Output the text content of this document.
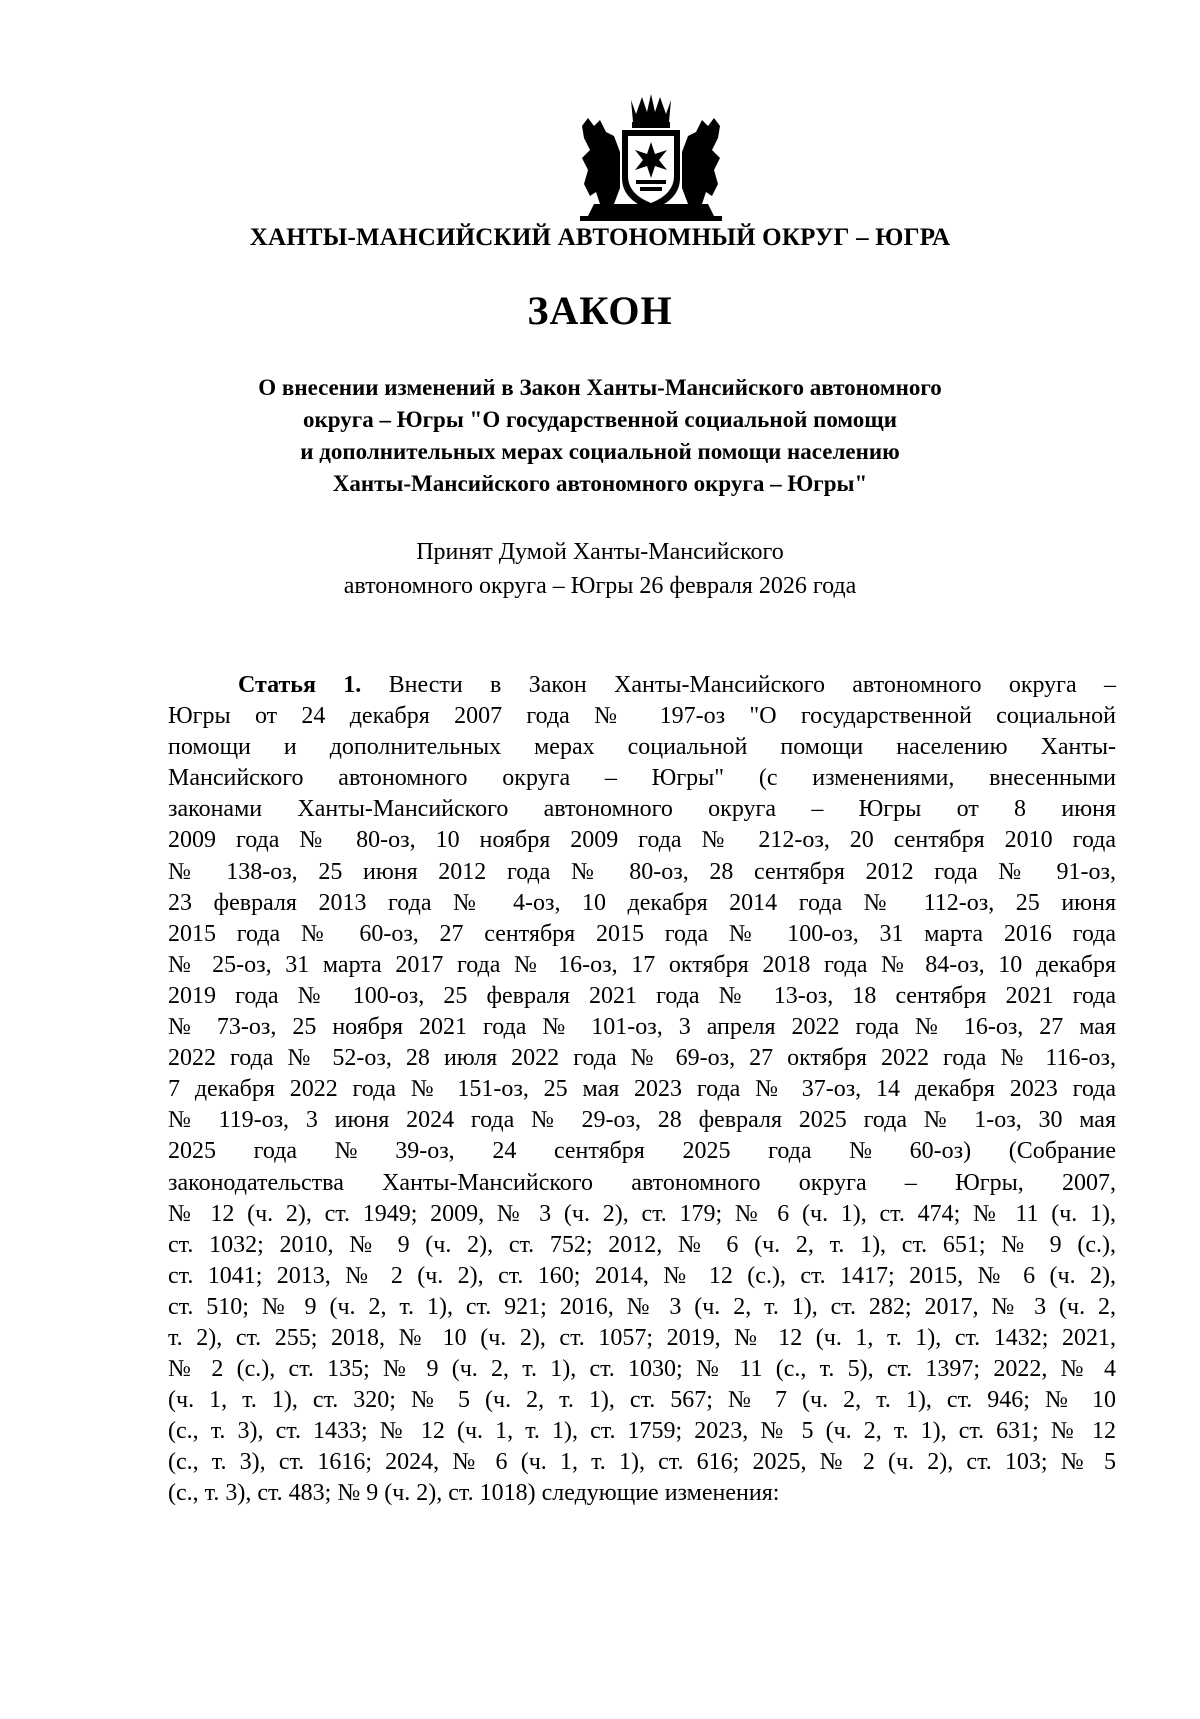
ХАНТЫ-МАНСИЙСКИЙ АВТОНОМНЫЙ ОКРУГ – ЮГРА
ЗАКОН
О внесении изменений в Закон Ханты-Мансийского автономного
округа – Югры "О государственной социальной помощи
и дополнительных мерах социальной помощи населению
Ханты-Мансийского автономного округа – Югры"
Принят Думой Ханты-Мансийского
автономного округа – Югры 26 февраля 2026 года
Статья 1. Внести в Закон Ханты-Мансийского автономного округа –
Югры от 24 декабря 2007 года № 197-оз "О государственной социальной
помощи и дополнительных мерах социальной помощи населению Ханты-
Мансийского автономного округа – Югры" (с изменениями, внесенными
законами Ханты-Мансийского автономного округа – Югры от 8 июня
2009 года № 80-оз, 10 ноября 2009 года № 212-оз, 20 сентября 2010 года
№ 138-оз, 25 июня 2012 года № 80-оз, 28 сентября 2012 года № 91-оз,
23 февраля 2013 года № 4-оз, 10 декабря 2014 года № 112-оз, 25 июня
2015 года № 60-оз, 27 сентября 2015 года № 100-оз, 31 марта 2016 года
№ 25-оз, 31 марта 2017 года № 16-оз, 17 октября 2018 года № 84-оз, 10 декабря
2019 года № 100-оз, 25 февраля 2021 года № 13-оз, 18 сентября 2021 года
№ 73-оз, 25 ноября 2021 года № 101-оз, 3 апреля 2022 года № 16-оз, 27 мая
2022 года № 52-оз, 28 июля 2022 года № 69-оз, 27 октября 2022 года № 116-оз,
7 декабря 2022 года № 151-оз, 25 мая 2023 года № 37-оз, 14 декабря 2023 года
№ 119-оз, 3 июня 2024 года № 29-оз, 28 февраля 2025 года № 1-оз, 30 мая
2025 года № 39-оз, 24 сентября 2025 года № 60-оз) (Собрание
законодательства Ханты-Мансийского автономного округа – Югры, 2007,
№ 12 (ч. 2), ст. 1949; 2009, № 3 (ч. 2), ст. 179; № 6 (ч. 1), ст. 474; № 11 (ч. 1),
ст. 1032; 2010, № 9 (ч. 2), ст. 752; 2012, № 6 (ч. 2, т. 1), ст. 651; № 9 (с.),
ст. 1041; 2013, № 2 (ч. 2), ст. 160; 2014, № 12 (с.), ст. 1417; 2015, № 6 (ч. 2),
ст. 510; № 9 (ч. 2, т. 1), ст. 921; 2016, № 3 (ч. 2, т. 1), ст. 282; 2017, № 3 (ч. 2,
т. 2), ст. 255; 2018, № 10 (ч. 2), ст. 1057; 2019, № 12 (ч. 1, т. 1), ст. 1432; 2021,
№ 2 (с.), ст. 135; № 9 (ч. 2, т. 1), ст. 1030; № 11 (с., т. 5), ст. 1397; 2022, № 4
(ч. 1, т. 1), ст. 320; № 5 (ч. 2, т. 1), ст. 567; № 7 (ч. 2, т. 1), ст. 946; № 10
(с., т. 3), ст. 1433; № 12 (ч. 1, т. 1), ст. 1759; 2023, № 5 (ч. 2, т. 1), ст. 631; № 12
(с., т. 3), ст. 1616; 2024, № 6 (ч. 1, т. 1), ст. 616; 2025, № 2 (ч. 2), ст. 103; № 5
(с., т. 3), ст. 483; № 9 (ч. 2), ст. 1018) следующие изменения:
